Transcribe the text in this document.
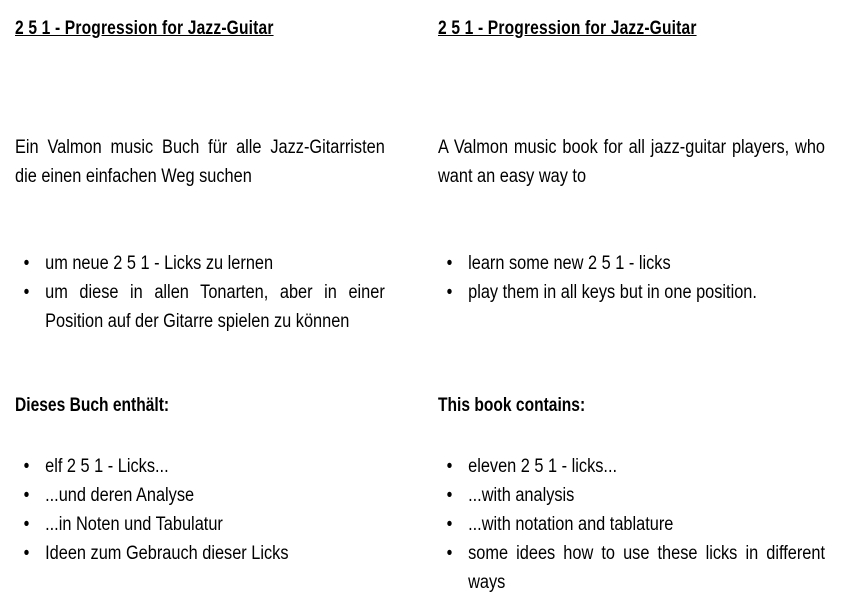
2 5 1 - Progression for Jazz-Guitar

Ein Valmon music Buch für alle Jazz-Gitarristen die einen einfachen Weg suchen

• um neue 2 5 1 - Licks zu lernen
• um diese in allen Tonarten, aber in einer Position auf der Gitarre spielen zu können
Dieses Buch enthält:
• elf 2 5 1 - Licks...
• ...und deren Analyse
• ...in Noten und Tabulatur
• Ideen zum Gebrauch dieser Licks
2 5 1 - Progression for Jazz-Guitar

A Valmon music book for all jazz-guitar players, who want an easy way to

• learn some new 2 5 1 - licks
• play them in all keys but in one position.
This book contains:
• eleven 2 5 1 - licks...
• ...with analysis
• ...with notation and tablature
• some idees how to use these licks in different ways
